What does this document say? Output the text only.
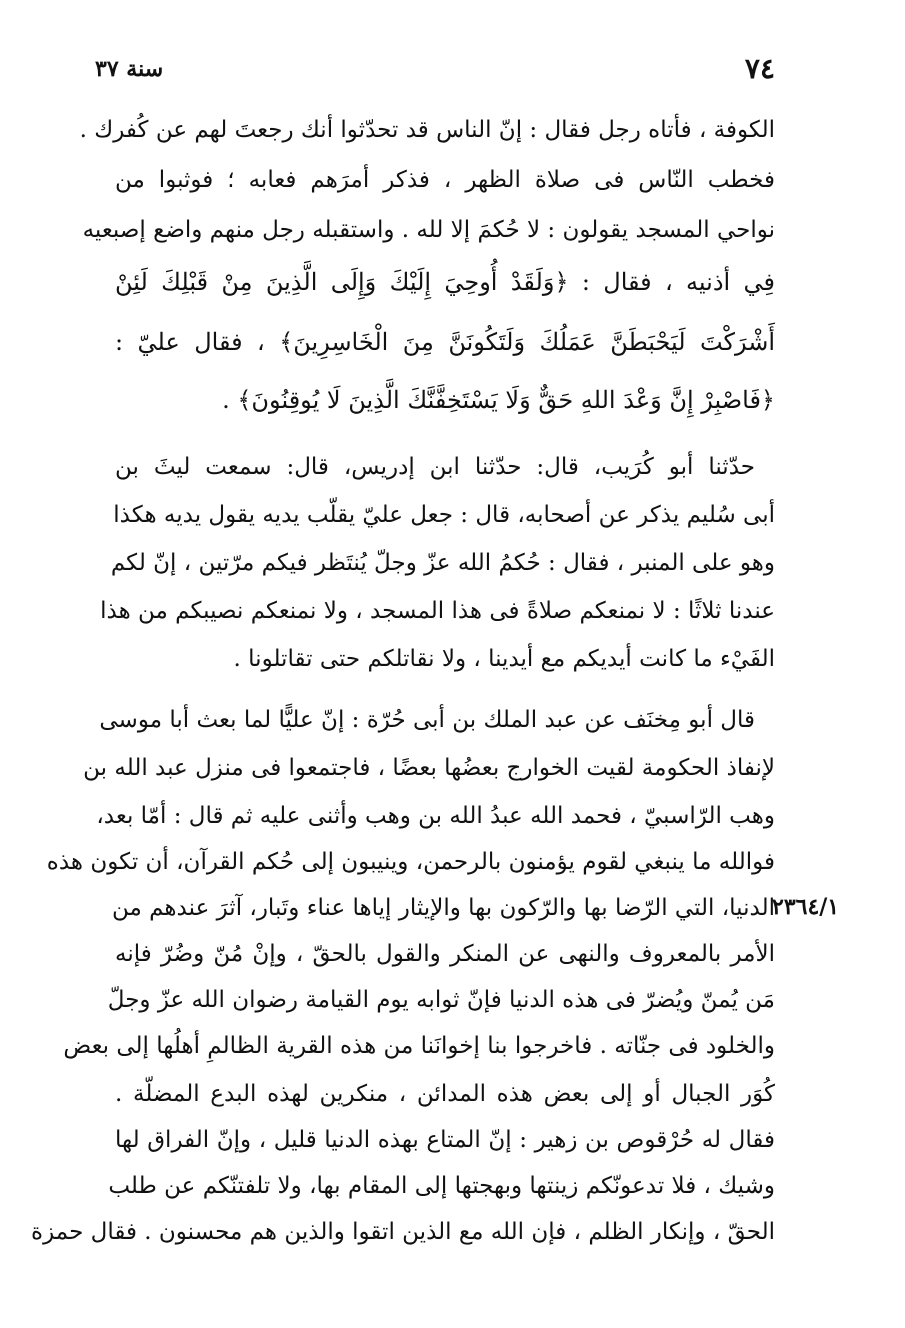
٧٤
سنة ٣٧
٢٣٦٤/١
الكوفة ، فأتاه رجل فقال : إنّ الناس قد تحدّثوا أنك رجعتَ لهم عن كُفرك .
فخطب النّاس فى صلاة الظهر ، فذكر أمرَهم فعابه ؛ فوثبوا من
نواحي المسجد يقولون : لا حُكمَ إلا لله . واستقبله رجل منهم واضع إصبعيه
فِي أذنيه ، فقال : ﴿وَلَقَدْ أُوحِيَ إِلَيْكَ وَإِلَى الَّذِينَ مِنْ قَبْلِكَ لَئِنْ
أَشْرَكْتَ لَيَحْبَطَنَّ عَمَلُكَ وَلَتَكُونَنَّ مِنَ الْخَاسِرِينَ﴾ ، فقال عليّ :
﴿فَاصْبِرْ إِنَّ وَعْدَ اللهِ حَقٌّ وَلَا يَسْتَخِفَّنَّكَ الَّذِينَ لَا يُوقِنُونَ﴾ .
حدّثنا أبو كُرَيب، قال: حدّثنا ابن إدريس، قال: سمعت ليثَ بن
أبى سُليم يذكر عن أصحابه، قال : جعل عليّ يقلّب يديه يقول يديه هكذا
وهو على المنبر ، فقال : حُكمُ الله عزّ وجلّ يُنتَظر فيكم مرّتين ، إنّ لكم
عندنا ثلاثًا : لا نمنعكم صلاةً فى هذا المسجد ، ولا نمنعكم نصيبكم من هذا
الفَيْء ما كانت أيديكم مع أيدينا ، ولا نقاتلكم حتى تقاتلونا .
قال أبو مِخنَف عن عبد الملك بن أبى حُرّة : إنّ عليًّا لما بعث أبا موسى
لإنفاذ الحكومة لقيت الخوارج بعضُها بعضًا ، فاجتمعوا فى منزل عبد الله بن
وهب الرّاسبيّ ، فحمد الله عبدُ الله بن وهب وأثنى عليه ثم قال : أمّا بعد،
فوالله ما ينبغي لقوم يؤمنون بالرحمن، وينيبون إلى حُكم القرآن، أن تكون هذه
الدنيا، التي الرّضا بها والرّكون بها والإيثار إياها عناء وتَبار، آثرَ عندهم من
الأمر بالمعروف والنهى عن المنكر والقول بالحقّ ، وإنْ مُنّ وضُرّ فإنه
مَن يُمنّ ويُضرّ فى هذه الدنيا فإنّ ثوابه يوم القيامة رضوان الله عزّ وجلّ
والخلود فى جنّاته . فاخرجوا بنا إخوانَنا من هذه القرية الظالمِ أهلُها إلى بعض
كُوَر الجبال أو إلى بعض هذه المدائن ، منكرين لهذه البدع المضلّة .
فقال له حُرْقوص بن زهير : إنّ المتاع بهذه الدنيا قليل ، وإنّ الفراق لها
وشيك ، فلا تدعونّكم زينتها وبهجتها إلى المقام بها، ولا تلفتنّكم عن طلب
الحقّ ، وإنكار الظلم ، فإن الله مع الذين اتقوا والذين هم محسنون . فقال حمزة
